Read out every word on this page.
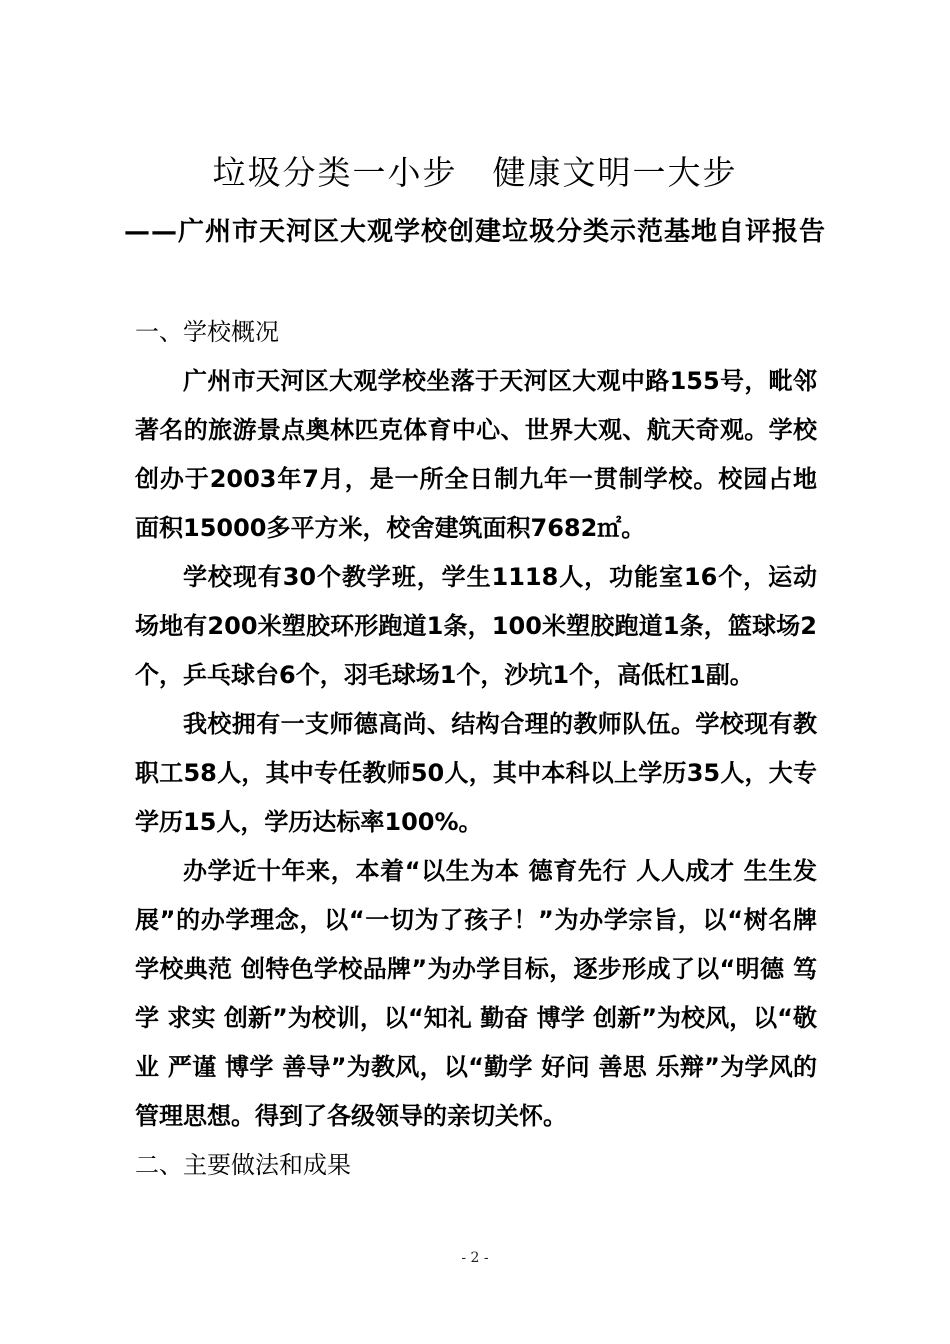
垃圾分类一小步　健康文明一大步
——广州市天河区大观学校创建垃圾分类示范基地自评报告

一、学校概况

广州市天河区大观学校坐落于天河区大观中路155号，毗邻著名的旅游景点奥林匹克体育中心、世界大观、航天奇观。学校创办于2003年7月，是一所全日制九年一贯制学校。校园占地面积15000多平方米，校舍建筑面积7682㎡。

学校现有30个教学班，学生1118人，功能室16个，运动场地有200米塑胶环形跑道1条，100米塑胶跑道1条，篮球场2个，乒乓球台6个，羽毛球场1个，沙坑1个，高低杠1副。

我校拥有一支师德高尚、结构合理的教师队伍。学校现有教职工58人，其中专任教师50人，其中本科以上学历35人，大专学历15人，学历达标率100%。

办学近十年来，本着“以生为本 德育先行 人人成才 生生发展”的办学理念，以“一切为了孩子！”为办学宗旨，以“树名牌学校典范 创特色学校品牌”为办学目标，逐步形成了以“明德 笃学 求实 创新”为校训，以“知礼 勤奋 博学 创新”为校风，以“敬业 严谨 博学 善导”为教风，以“勤学 好问 善思 乐辩”为学风的管理思想。得到了各级领导的亲切关怀。

二、主要做法和成果

- 2 -
